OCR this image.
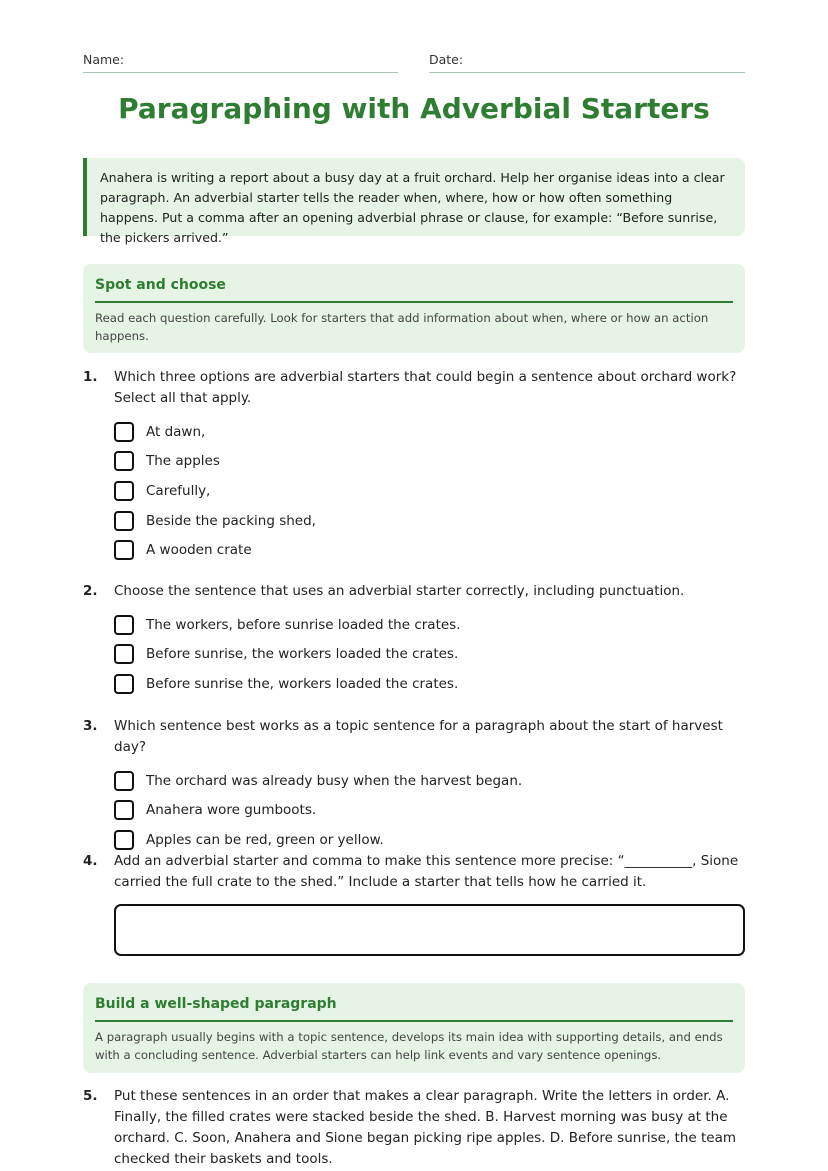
Name:	Date:
Paragraphing with Adverbial Starters
Anahera is writing a report about a busy day at a fruit orchard. Help her organise ideas into a clear paragraph. An adverbial starter tells the reader when, where, how or how often something happens. Put a comma after an opening adverbial phrase or clause, for example: “Before sunrise, the pickers arrived.”
Spot and choose
Read each question carefully. Look for starters that add information about when, where or how an action happens.
1. Which three options are adverbial starters that could begin a sentence about orchard work? Select all that apply.
At dawn,
The apples
Carefully,
Beside the packing shed,
A wooden crate
2. Choose the sentence that uses an adverbial starter correctly, including punctuation.
The workers, before sunrise loaded the crates.
Before sunrise, the workers loaded the crates.
Before sunrise the, workers loaded the crates.
3. Which sentence best works as a topic sentence for a paragraph about the start of harvest day?
The orchard was already busy when the harvest began.
Anahera wore gumboots.
Apples can be red, green or yellow.
4. Add an adverbial starter and comma to make this sentence more precise: “__________, Sione carried the full crate to the shed.” Include a starter that tells how he carried it.
Build a well-shaped paragraph
A paragraph usually begins with a topic sentence, develops its main idea with supporting details, and ends with a concluding sentence. Adverbial starters can help link events and vary sentence openings.
5. Put these sentences in an order that makes a clear paragraph. Write the letters in order. A. Finally, the filled crates were stacked beside the shed. B. Harvest morning was busy at the orchard. C. Soon, Anahera and Sione began picking ripe apples. D. Before sunrise, the team checked their baskets and tools.
